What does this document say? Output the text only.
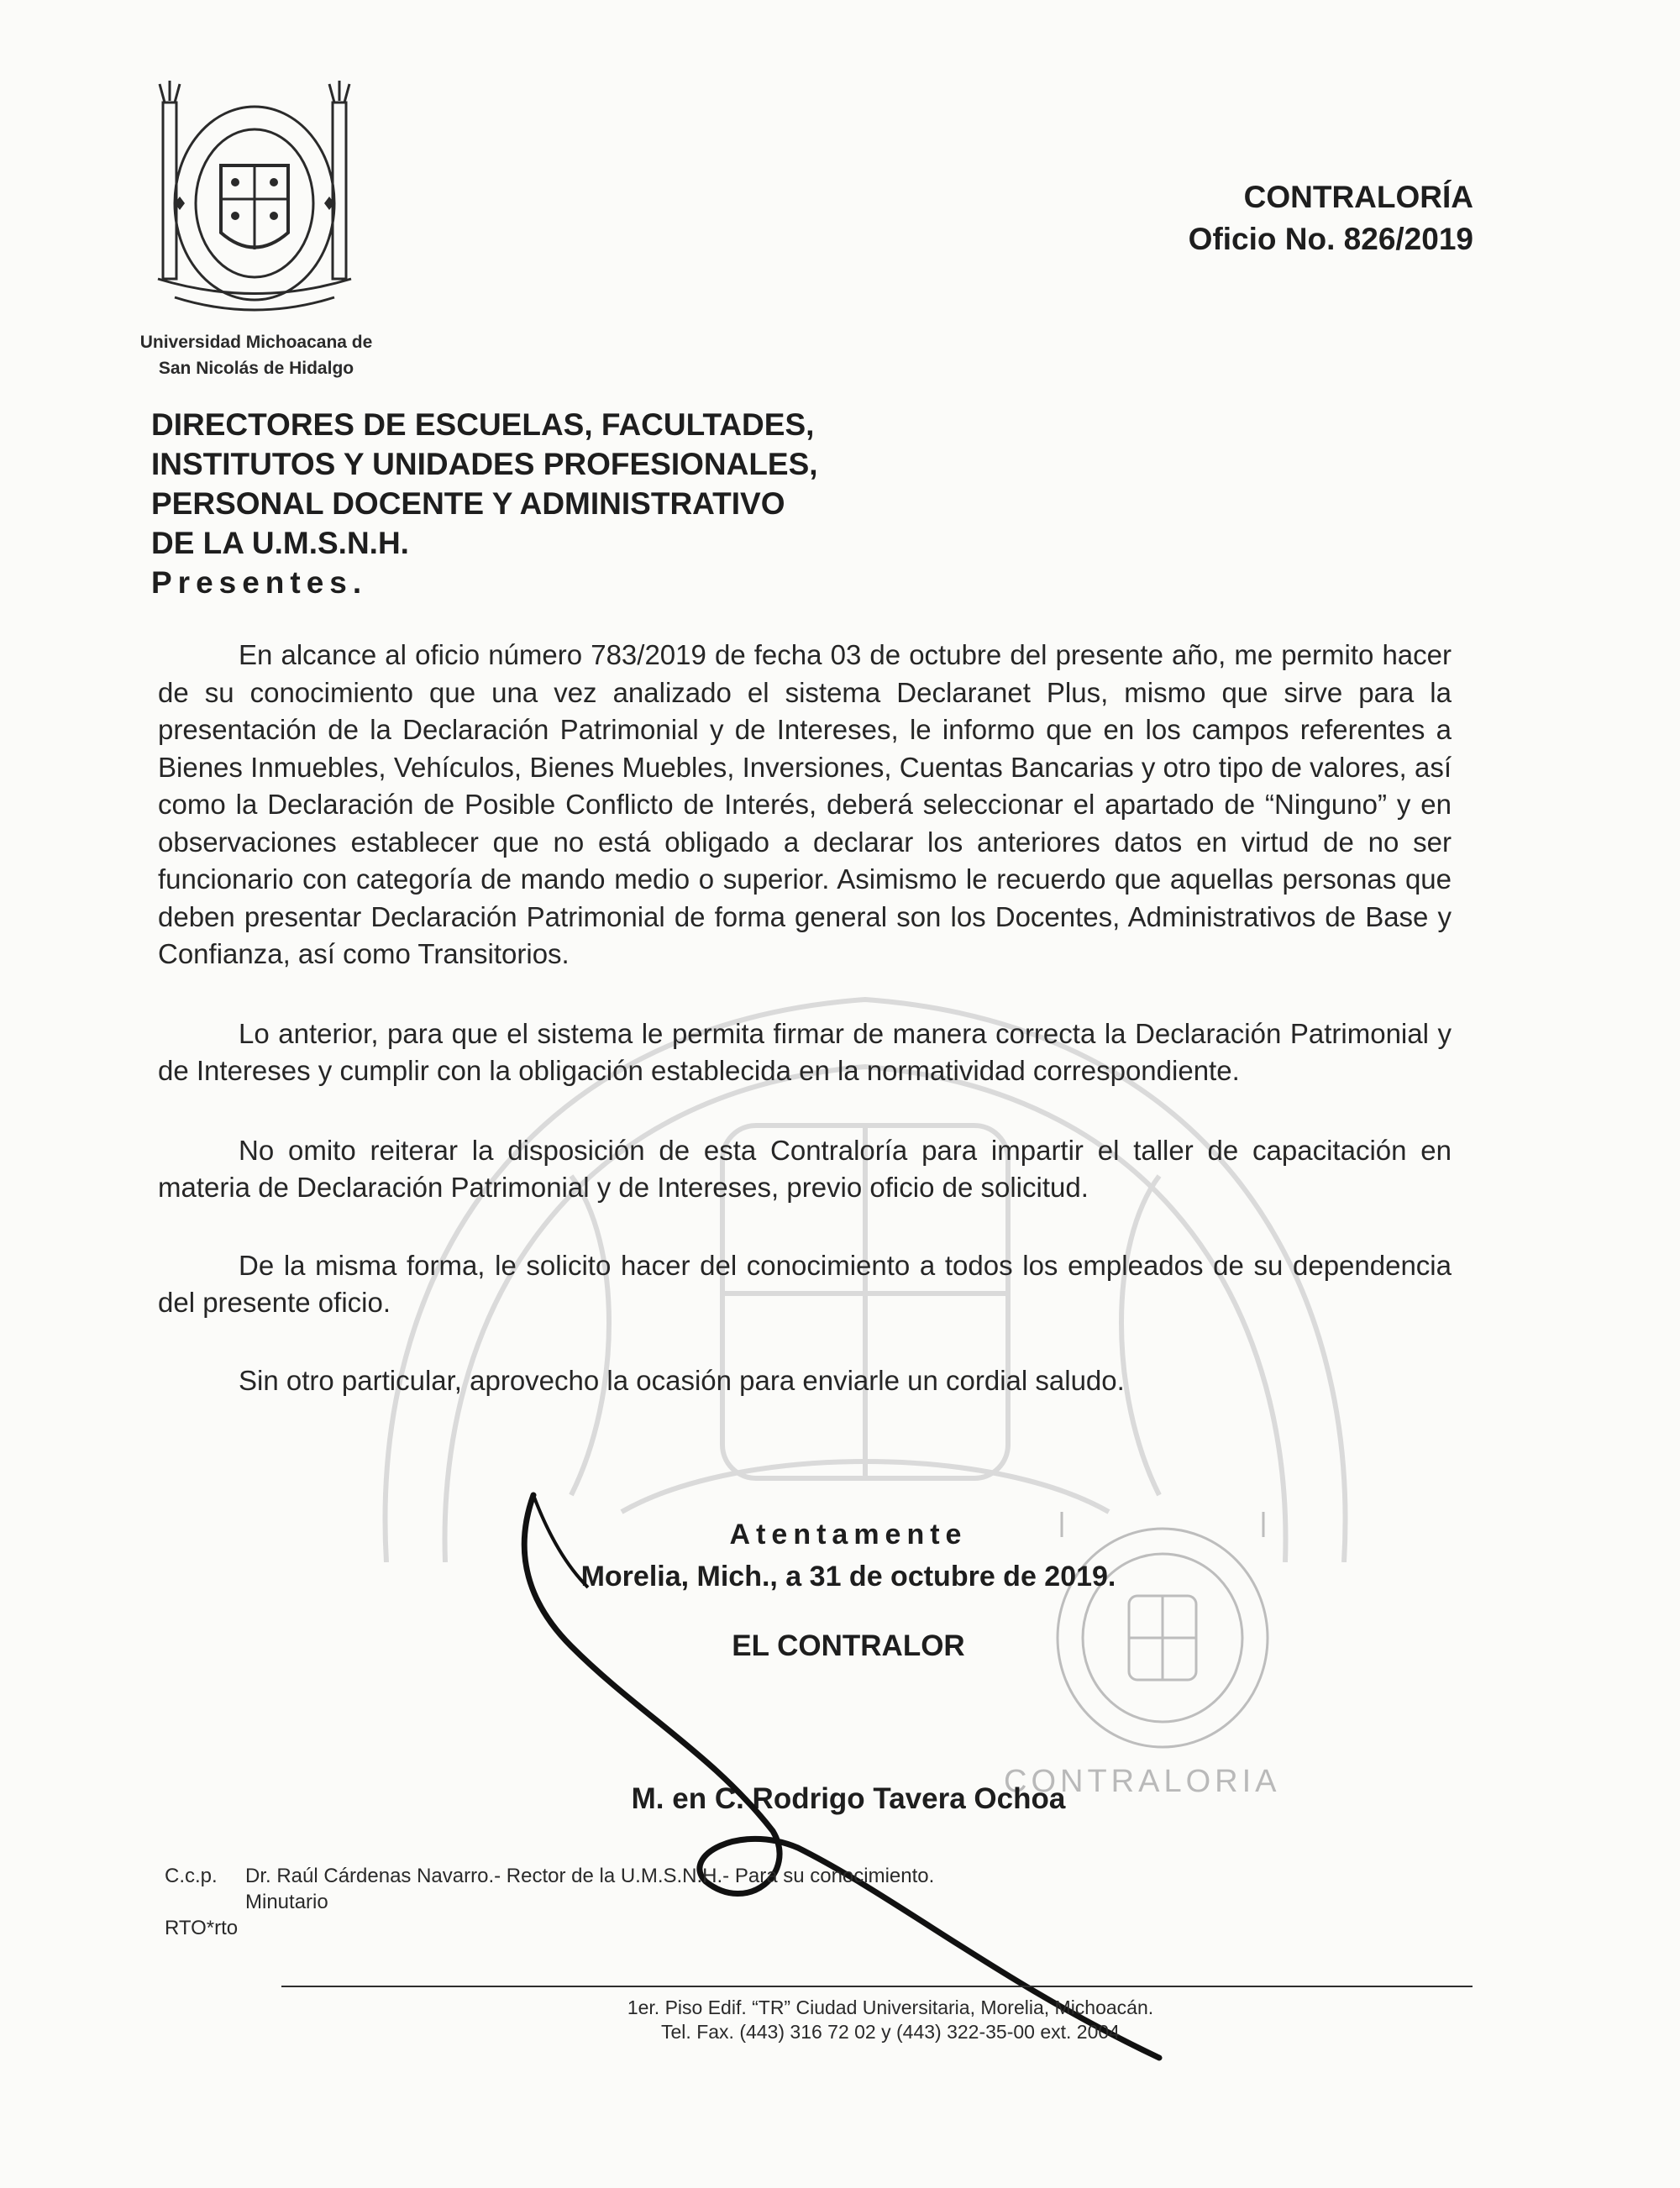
Universidad Michoacana de
San Nicolás de Hidalgo
CONTRALORÍA
Oficio No. 826/2019
DIRECTORES DE ESCUELAS, FACULTADES,
INSTITUTOS Y UNIDADES PROFESIONALES,
PERSONAL DOCENTE Y ADMINISTRATIVO
DE LA U.M.S.N.H.
Presentes.

En alcance al oficio número 783/2019 de fecha 03 de octubre del presente año, me permito hacer de su conocimiento que una vez analizado el sistema Declaranet Plus, mismo que sirve para la presentación de la Declaración Patrimonial y de Intereses, le informo que en los campos referentes a Bienes Inmuebles, Vehículos, Bienes Muebles, Inversiones, Cuentas Bancarias y otro tipo de valores, así como la Declaración de Posible Conflicto de Interés, deberá seleccionar el apartado de “Ninguno” y en observaciones establecer que no está obligado a declarar los anteriores datos en virtud de no ser funcionario con categoría de mando medio o superior. Asimismo le recuerdo que aquellas personas que deben presentar Declaración Patrimonial de forma general son los Docentes, Administrativos de Base y Confianza, así como Transitorios.

Lo anterior, para que el sistema le permita firmar de manera correcta la Declaración Patrimonial y de Intereses y cumplir con la obligación establecida en la normatividad correspondiente.

No omito reiterar la disposición de esta Contraloría para impartir el taller de capacitación en materia de Declaración Patrimonial y de Intereses, previo oficio de solicitud.

De la misma forma, le solicito hacer del conocimiento a todos los empleados de su dependencia del presente oficio.

Sin otro particular, aprovecho la ocasión para enviarle un cordial saludo.

Atentamente
Morelia, Mich., a 31 de octubre de 2019.
EL CONTRALOR
CONTRALORIA
M. en C. Rodrigo Tavera Ochoa
C.c.p.	Dr. Raúl Cárdenas Navarro.- Rector de la U.M.S.N.H.- Para su conocimiento.
Minutario
RTO*rto
1er. Piso Edif. “TR” Ciudad Universitaria, Morelia, Michoacán.
Tel. Fax. (443) 316 72 02 y (443) 322-35-00 ext. 2004
